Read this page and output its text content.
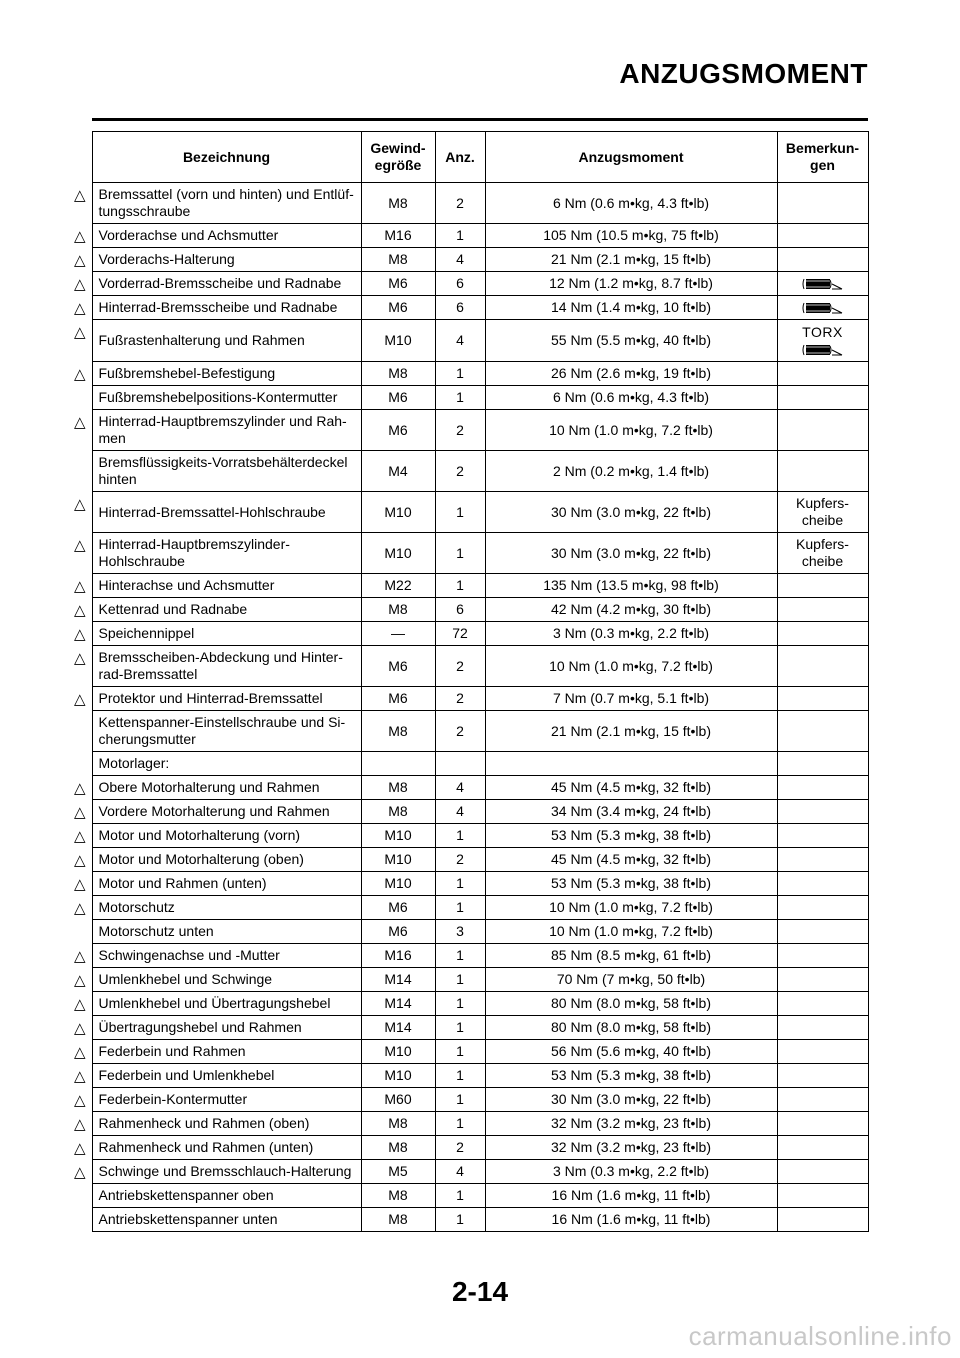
ANZUGSMOMENT
	Bezeichnung	Gewind-
egröße	Anz.	Anzugsmoment	Bemerkun-
gen
△	Bremssattel (vorn und hinten) und Entlüf-
tungsschraube	M8	2	6 Nm (0.6 m•kg, 4.3 ft•lb)	
△	Vorderachse und Achsmutter	M16	1	105 Nm (10.5 m•kg, 75 ft•lb)	
△	Vorderachs-Halterung	M8	4	21 Nm (2.1 m•kg, 15 ft•lb)	
△	Vorderrad-Bremsscheibe und Radnabe	M6	6	12 Nm (1.2 m•kg, 8.7 ft•lb)	

△	Hinterrad-Bremsscheibe und Radnabe	M6	6	14 Nm (1.4 m•kg, 10 ft•lb)	

△	Fußrastenhalterung und Rahmen	M10	4	55 Nm (5.5 m•kg, 40 ft•lb)	TORX

△	Fußbremshebel-Befestigung	M8	1	26 Nm (2.6 m•kg, 19 ft•lb)	
	Fußbremshebelpositions-Kontermutter	M6	1	6 Nm (0.6 m•kg, 4.3 ft•lb)	
△	Hinterrad-Hauptbremszylinder und Rah-
men	M6	2	10 Nm (1.0 m•kg, 7.2 ft•lb)	
	Bremsflüssigkeits-Vorratsbehälterdeckel
hinten	M4	2	2 Nm (0.2 m•kg, 1.4 ft•lb)	
△	Hinterrad-Bremssattel-Hohlschraube	M10	1	30 Nm (3.0 m•kg, 22 ft•lb)	Kupfers-
cheibe

△	Hinterrad-Hauptbremszylinder-
Hohlschraube	M10	1	30 Nm (3.0 m•kg, 22 ft•lb)	Kupfers-
cheibe

△	Hinterachse und Achsmutter	M22	1	135 Nm (13.5 m•kg, 98 ft•lb)	
△	Kettenrad und Radnabe	M8	6	42 Nm (4.2 m•kg, 30 ft•lb)	
△	Speichennippel	—	72	3 Nm (0.3 m•kg, 2.2 ft•lb)	
△	Bremsscheiben-Abdeckung und Hinter-
rad-Bremssattel	M6	2	10 Nm (1.0 m•kg, 7.2 ft•lb)	
△	Protektor und Hinterrad-Bremssattel	M6	2	7 Nm (0.7 m•kg, 5.1 ft•lb)	
	Kettenspanner-Einstellschraube und Si-
cherungsmutter	M8	2	21 Nm (2.1 m•kg, 15 ft•lb)	
	Motorlager:				
△	Obere Motorhalterung und Rahmen	M8	4	45 Nm (4.5 m•kg, 32 ft•lb)	
△	Vordere Motorhalterung und Rahmen	M8	4	34 Nm (3.4 m•kg, 24 ft•lb)	
△	Motor und Motorhalterung (vorn)	M10	1	53 Nm (5.3 m•kg, 38 ft•lb)	
△	Motor und Motorhalterung (oben)	M10	2	45 Nm (4.5 m•kg, 32 ft•lb)	
△	Motor und Rahmen (unten)	M10	1	53 Nm (5.3 m•kg, 38 ft•lb)	
△	Motorschutz	M6	1	10 Nm (1.0 m•kg, 7.2 ft•lb)	
	Motorschutz unten	M6	3	10 Nm (1.0 m•kg, 7.2 ft•lb)	
△	Schwingenachse und -Mutter	M16	1	85 Nm (8.5 m•kg, 61 ft•lb)	
△	Umlenkhebel und Schwinge	M14	1	70 Nm (7 m•kg, 50 ft•lb)	
△	Umlenkhebel und Übertragungshebel	M14	1	80 Nm (8.0 m•kg, 58 ft•lb)	
△	Übertragungshebel und Rahmen	M14	1	80 Nm (8.0 m•kg, 58 ft•lb)	
△	Federbein und Rahmen	M10	1	56 Nm (5.6 m•kg, 40 ft•lb)	
△	Federbein und Umlenkhebel	M10	1	53 Nm (5.3 m•kg, 38 ft•lb)	
△	Federbein-Kontermutter	M60	1	30 Nm (3.0 m•kg, 22 ft•lb)	
△	Rahmenheck und Rahmen (oben)	M8	1	32 Nm (3.2 m•kg, 23 ft•lb)	
△	Rahmenheck und Rahmen (unten)	M8	2	32 Nm (3.2 m•kg, 23 ft•lb)	
△	Schwinge und Bremsschlauch-Halterung	M5	4	3 Nm (0.3 m•kg, 2.2 ft•lb)	
	Antriebskettenspanner oben	M8	1	16 Nm (1.6 m•kg, 11 ft•lb)	
	Antriebskettenspanner unten	M8	1	16 Nm (1.6 m•kg, 11 ft•lb)	
2-14
carmanualsonline.info
